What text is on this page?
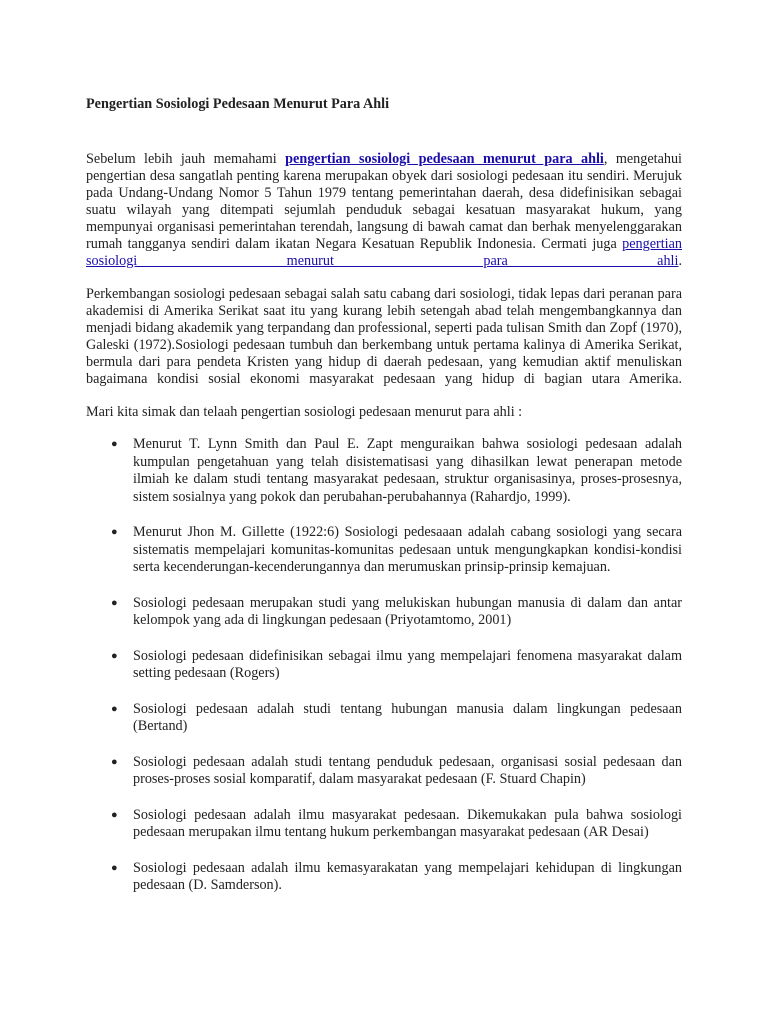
Pengertian Sosiologi Pedesaan Menurut Para Ahli

Sebelum lebih jauh memahami pengertian sosiologi pedesaan menurut para ahli, mengetahui pengertian desa sangatlah penting karena merupakan obyek dari sosiologi pedesaan itu sendiri. Merujuk pada Undang-Undang Nomor 5 Tahun 1979 tentang pemerintahan daerah, desa didefinisikan sebagai suatu wilayah yang ditempati sejumlah penduduk sebagai kesatuan masyarakat hukum, yang mempunyai organisasi pemerintahan terendah, langsung di bawah camat dan berhak menyelenggarakan rumah tangganya sendiri dalam ikatan Negara Kesatuan Republik Indonesia. Cermati juga pengertian sosiologi menurut para ahli.

Perkembangan sosiologi pedesaan sebagai salah satu cabang dari sosiologi, tidak lepas dari peranan para akademisi di Amerika Serikat saat itu yang kurang lebih setengah abad telah mengembangkannya dan menjadi bidang akademik yang terpandang dan professional, seperti pada tulisan Smith dan Zopf (1970), Galeski (1972).Sosiologi pedesaan tumbuh dan berkembang untuk pertama kalinya di Amerika Serikat, bermula dari para pendeta Kristen yang hidup di daerah pedesaan, yang kemudian aktif menuliskan bagaimana kondisi sosial ekonomi masyarakat pedesaan yang hidup di bagian utara Amerika.

Mari kita simak dan telaah pengertian sosiologi pedesaan menurut para ahli :

● Menurut T. Lynn Smith dan Paul E. Zapt menguraikan bahwa sosiologi pedesaan adalah kumpulan pengetahuan yang telah disistematisasi yang dihasilkan lewat penerapan metode ilmiah ke dalam studi tentang masyarakat pedesaan, struktur organisasinya, proses-prosesnya, sistem sosialnya yang pokok dan perubahan-perubahannya (Rahardjo, 1999).
● Menurut Jhon M. Gillette (1922:6) Sosiologi pedesaaan adalah cabang sosiologi yang secara sistematis mempelajari komunitas-komunitas pedesaan untuk mengungkapkan kondisi-kondisi serta kecenderungan-kecenderungannya dan merumuskan prinsip-prinsip kemajuan.
● Sosiologi pedesaan merupakan studi yang melukiskan hubungan manusia di dalam dan antar kelompok yang ada di lingkungan pedesaan (Priyotamtomo, 2001)
● Sosiologi pedesaan didefinisikan sebagai ilmu yang mempelajari fenomena masyarakat dalam setting pedesaan (Rogers)
● Sosiologi pedesaan adalah studi tentang hubungan manusia dalam lingkungan pedesaan (Bertand)
● Sosiologi pedesaan adalah studi tentang penduduk pedesaan, organisasi sosial pedesaan dan proses-proses sosial komparatif, dalam masyarakat pedesaan (F. Stuard Chapin)
● Sosiologi pedesaan adalah ilmu masyarakat pedesaan. Dikemukakan pula bahwa sosiologi pedesaan merupakan ilmu tentang hukum perkembangan masyarakat pedesaan (AR Desai)
● Sosiologi pedesaan adalah ilmu kemasyarakatan yang mempelajari kehidupan di lingkungan pedesaan (D. Samderson).
